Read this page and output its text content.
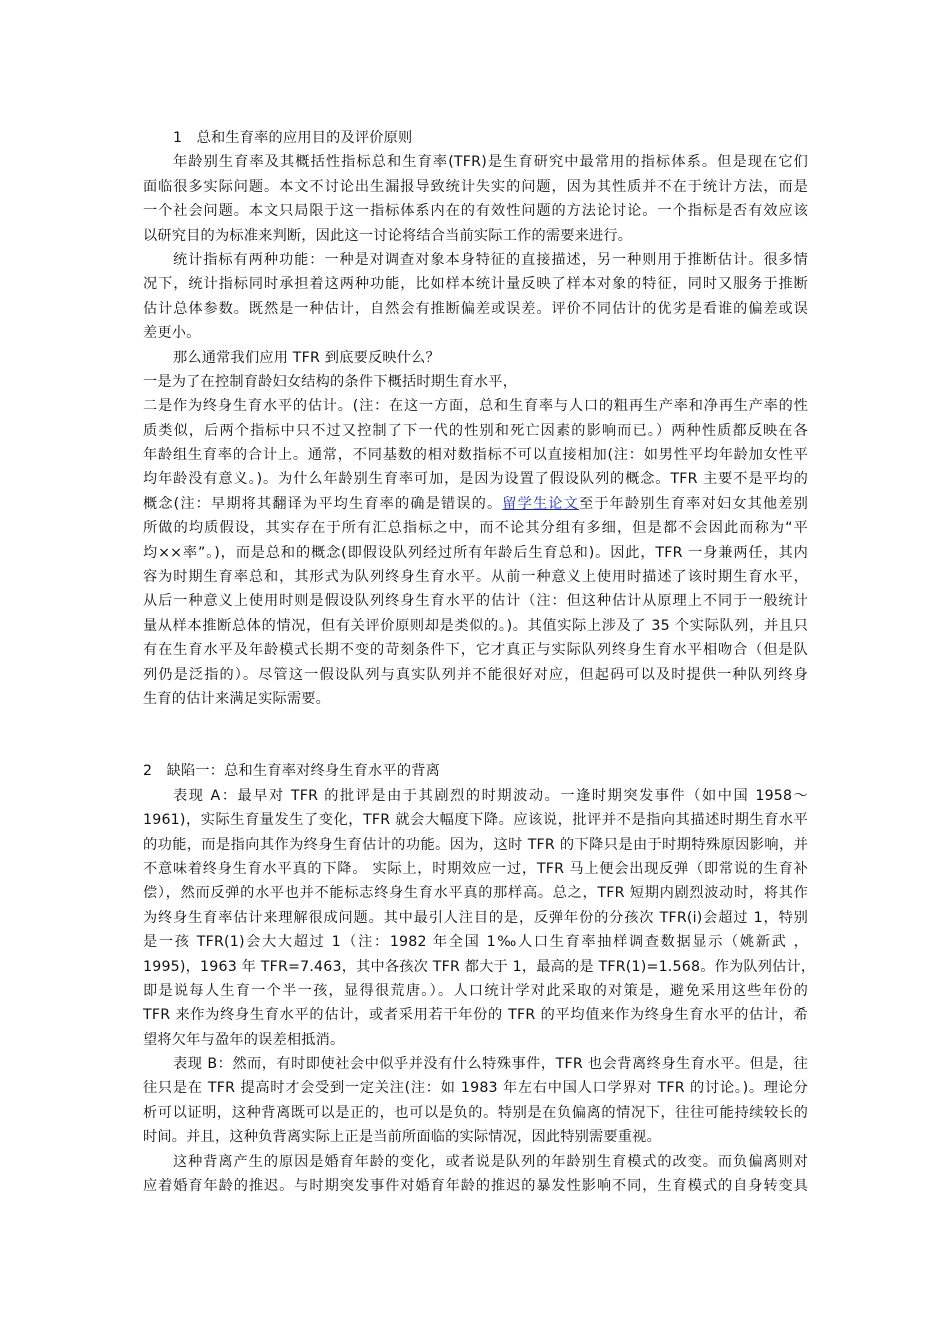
1　总和生育率的应用目的及评价原则
年龄别生育率及其概括性指标总和生育率(TFR)是生育研究中最常用的指标体系。但是现在它们
面临很多实际问题。本文不讨论出生漏报导致统计失实的问题，因为其性质并不在于统计方法，而是
一个社会问题。本文只局限于这一指标体系内在的有效性问题的方法论讨论。一个指标是否有效应该
以研究目的为标准来判断，因此这一讨论将结合当前实际工作的需要来进行。
统计指标有两种功能：一种是对调查对象本身特征的直接描述，另一种则用于推断估计。很多情
况下，统计指标同时承担着这两种功能，比如样本统计量反映了样本对象的特征，同时又服务于推断
估计总体参数。既然是一种估计，自然会有推断偏差或误差。评价不同估计的优劣是看谁的偏差或误
差更小。
那么通常我们应用 TFR 到底要反映什么？
一是为了在控制育龄妇女结构的条件下概括时期生育水平，
二是作为终身生育水平的估计。(注：在这一方面，总和生育率与人口的粗再生产率和净再生产率的性
质类似，后两个指标中只不过又控制了下一代的性别和死亡因素的影响而已。）两种性质都反映在各
年龄组生育率的合计上。通常，不同基数的相对数指标不可以直接相加(注：如男性平均年龄加女性平
均年龄没有意义。)。为什么年龄别生育率可加，是因为设置了假设队列的概念。TFR 主要不是平均的
概念(注：早期将其翻译为平均生育率的确是错误的。留学生论文至于年龄别生育率对妇女其他差别
所做的均质假设，其实存在于所有汇总指标之中，而不论其分组有多细，但是都不会因此而称为“平
均××率”。)，而是总和的概念(即假设队列经过所有年龄后生育总和)。因此，TFR 一身兼两任，其内
容为时期生育率总和，其形式为队列终身生育水平。从前一种意义上使用时描述了该时期生育水平，
从后一种意义上使用时则是假设队列终身生育水平的估计（注：但这种估计从原理上不同于一般统计
量从样本推断总体的情况，但有关评价原则却是类似的。)。其值实际上涉及了 35 个实际队列，并且只
有在生育水平及年龄模式长期不变的苛刻条件下，它才真正与实际队列终身生育水平相吻合（但是队
列仍是泛指的）。尽管这一假设队列与真实队列并不能很好对应，但起码可以及时提供一种队列终身
生育的估计来满足实际需要。
2　缺陷一：总和生育率对终身生育水平的背离
表现 A：最早对 TFR 的批评是由于其剧烈的时期波动。一逢时期突发事件（如中国 1958～
1961)，实际生育量发生了变化，TFR 就会大幅度下降。应该说，批评并不是指向其描述时期生育水平
的功能，而是指向其作为终身生育估计的功能。因为，这时 TFR 的下降只是由于时期特殊原因影响，并
不意味着终身生育水平真的下降。 实际上，时期效应一过，TFR 马上便会出现反弹（即常说的生育补
偿），然而反弹的水平也并不能标志终身生育水平真的那样高。总之，TFR 短期内剧烈波动时，将其作
为终身生育率估计来理解很成问题。其中最引人注目的是，反弹年份的分孩次 TFR(i)会超过 1，特别
是一孩 TFR(1)会大大超过 1（注：1982 年全国 1‰人口生育率抽样调查数据显示（姚新武 ，
1995)，1963 年 TFR=7.463，其中各孩次 TFR 都大于 1，最高的是 TFR(1)=1.568。作为队列估计，
即是说每人生育一个半一孩，显得很荒唐。）。人口统计学对此采取的对策是，避免采用这些年份的
TFR 来作为终身生育水平的估计，或者采用若干年份的 TFR 的平均值来作为终身生育水平的估计，希
望将欠年与盈年的误差相抵消。
表现 B：然而，有时即使社会中似乎并没有什么特殊事件，TFR 也会背离终身生育水平。但是，往
往只是在 TFR 提高时才会受到一定关注(注：如 1983 年左右中国人口学界对 TFR 的讨论。)。理论分
析可以证明，这种背离既可以是正的，也可以是负的。特别是在负偏离的情况下，往往可能持续较长的
时间。并且，这种负背离实际上正是当前所面临的实际情况，因此特别需要重视。
这种背离产生的原因是婚育年龄的变化，或者说是队列的年龄别生育模式的改变。而负偏离则对
应着婚育年龄的推迟。与时期突发事件对婚育年龄的推迟的暴发性影响不同，生育模式的自身转变具
